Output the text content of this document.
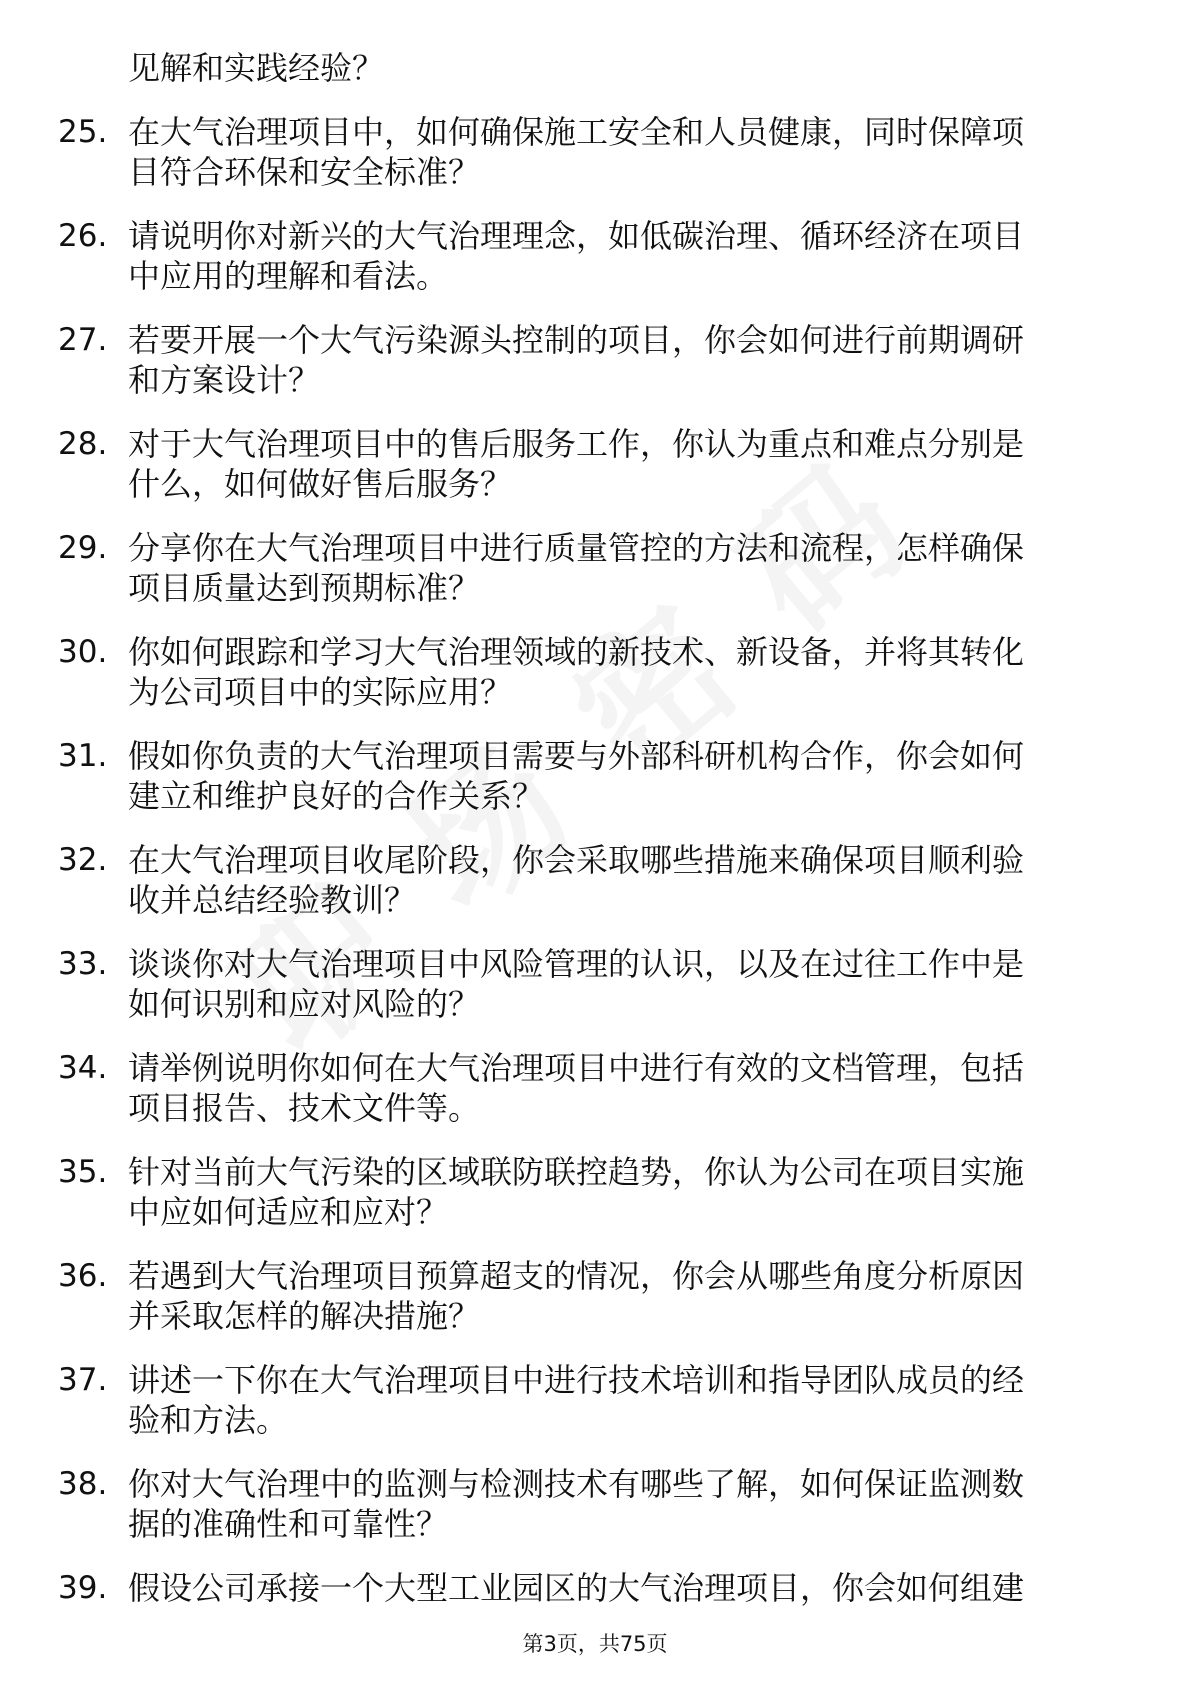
见解和实践经验？
25. 在大气治理项目中，如何确保施工安全和人员健康，同时保障项
目符合环保和安全标准？
26. 请说明你对新兴的大气治理理念，如低碳治理、循环经济在项目
中应用的理解和看法。
27. 若要开展一个大气污染源头控制的项目，你会如何进行前期调研
和方案设计？
28. 对于大气治理项目中的售后服务工作，你认为重点和难点分别是
什么，如何做好售后服务？
29. 分享你在大气治理项目中进行质量管控的方法和流程，怎样确保
项目质量达到预期标准？
30. 你如何跟踪和学习大气治理领域的新技术、新设备，并将其转化
为公司项目中的实际应用？
31. 假如你负责的大气治理项目需要与外部科研机构合作，你会如何
建立和维护良好的合作关系？
32. 在大气治理项目收尾阶段，你会采取哪些措施来确保项目顺利验
收并总结经验教训？
33. 谈谈你对大气治理项目中风险管理的认识，以及在过往工作中是
如何识别和应对风险的？
34. 请举例说明你如何在大气治理项目中进行有效的文档管理，包括
项目报告、技术文件等。
35. 针对当前大气污染的区域联防联控趋势，你认为公司在项目实施
中应如何适应和应对？
36. 若遇到大气治理项目预算超支的情况，你会从哪些角度分析原因
并采取怎样的解决措施？
37. 讲述一下你在大气治理项目中进行技术培训和指导团队成员的经
验和方法。
38. 你对大气治理中的监测与检测技术有哪些了解，如何保证监测数
据的准确性和可靠性？
39. 假设公司承接一个大型工业园区的大气治理项目，你会如何组建
第3页，共75页
